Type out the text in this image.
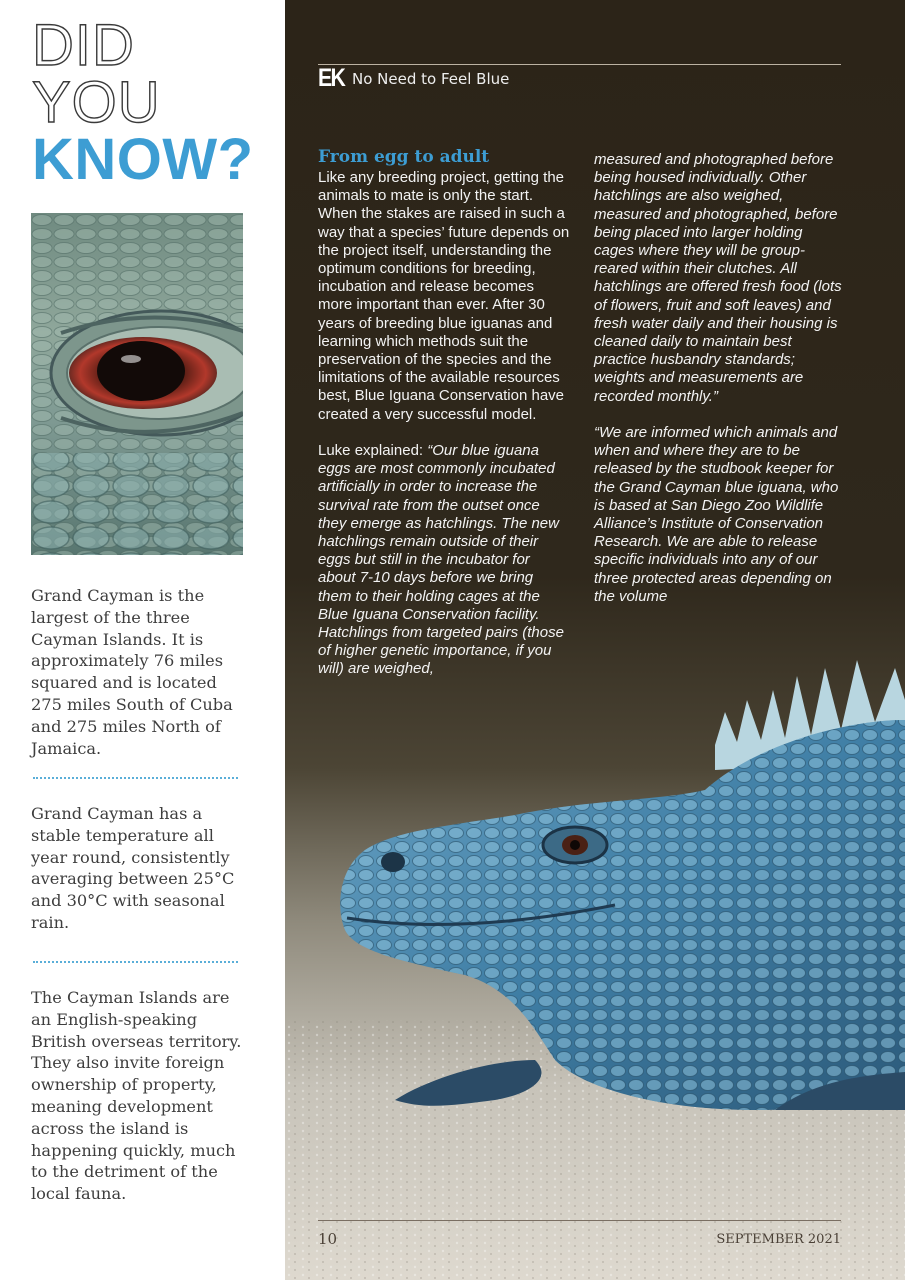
DID
YOU
KNOW?
Grand Cayman is the largest of the three Cayman Islands. It is approximately 76 miles squared and is located 275 miles South of Cuba and 275 miles North of Jamaica.
Grand Cayman has a stable temperature all year round, consistently averaging between 25°C and 30°C with seasonal rain.
The Cayman Islands are an English-speaking British overseas territory. They also invite foreign ownership of property, meaning development across the island is happening quickly, much to the detriment of the local fauna.
EK No Need to Feel Blue
From egg to adult

Like any breeding project, getting the animals to mate is only the start. When the stakes are raised in such a way that a species’ future depends on the project itself, understanding the optimum conditions for breeding, incubation and release becomes more important than ever. After 30 years of breeding blue iguanas and learning which methods suit the preservation of the species and the limitations of the available resources best, Blue Iguana Conservation have created a very successful model.

Luke explained: “Our blue iguana eggs are most commonly incubated artificially in order to increase the survival rate from the outset once they emerge as hatchlings. The new hatchlings remain outside of their eggs but still in the incubator for about 7-10 days before we bring them to their holding cages at the Blue Iguana Conservation facility. Hatchlings from targeted pairs (those of higher genetic importance, if you will) are weighed,

measured and photographed before being housed individually. Other hatchlings are also weighed, measured and photographed, before being placed into larger holding cages where they will be group-reared within their clutches. All hatchlings are offered fresh food (lots of flowers, fruit and soft leaves) and fresh water daily and their housing is cleaned daily to maintain best practice husbandry standards; weights and measurements are recorded monthly.”

“We are informed which animals and when and where they are to be released by the studbook keeper for the Grand Cayman blue iguana, who is based at San Diego Zoo Wildlife Alliance’s Institute of Conservation Research. We are able to release specific individuals into any of our three protected areas depending on the volume

10	SEPTEMBER 2021
